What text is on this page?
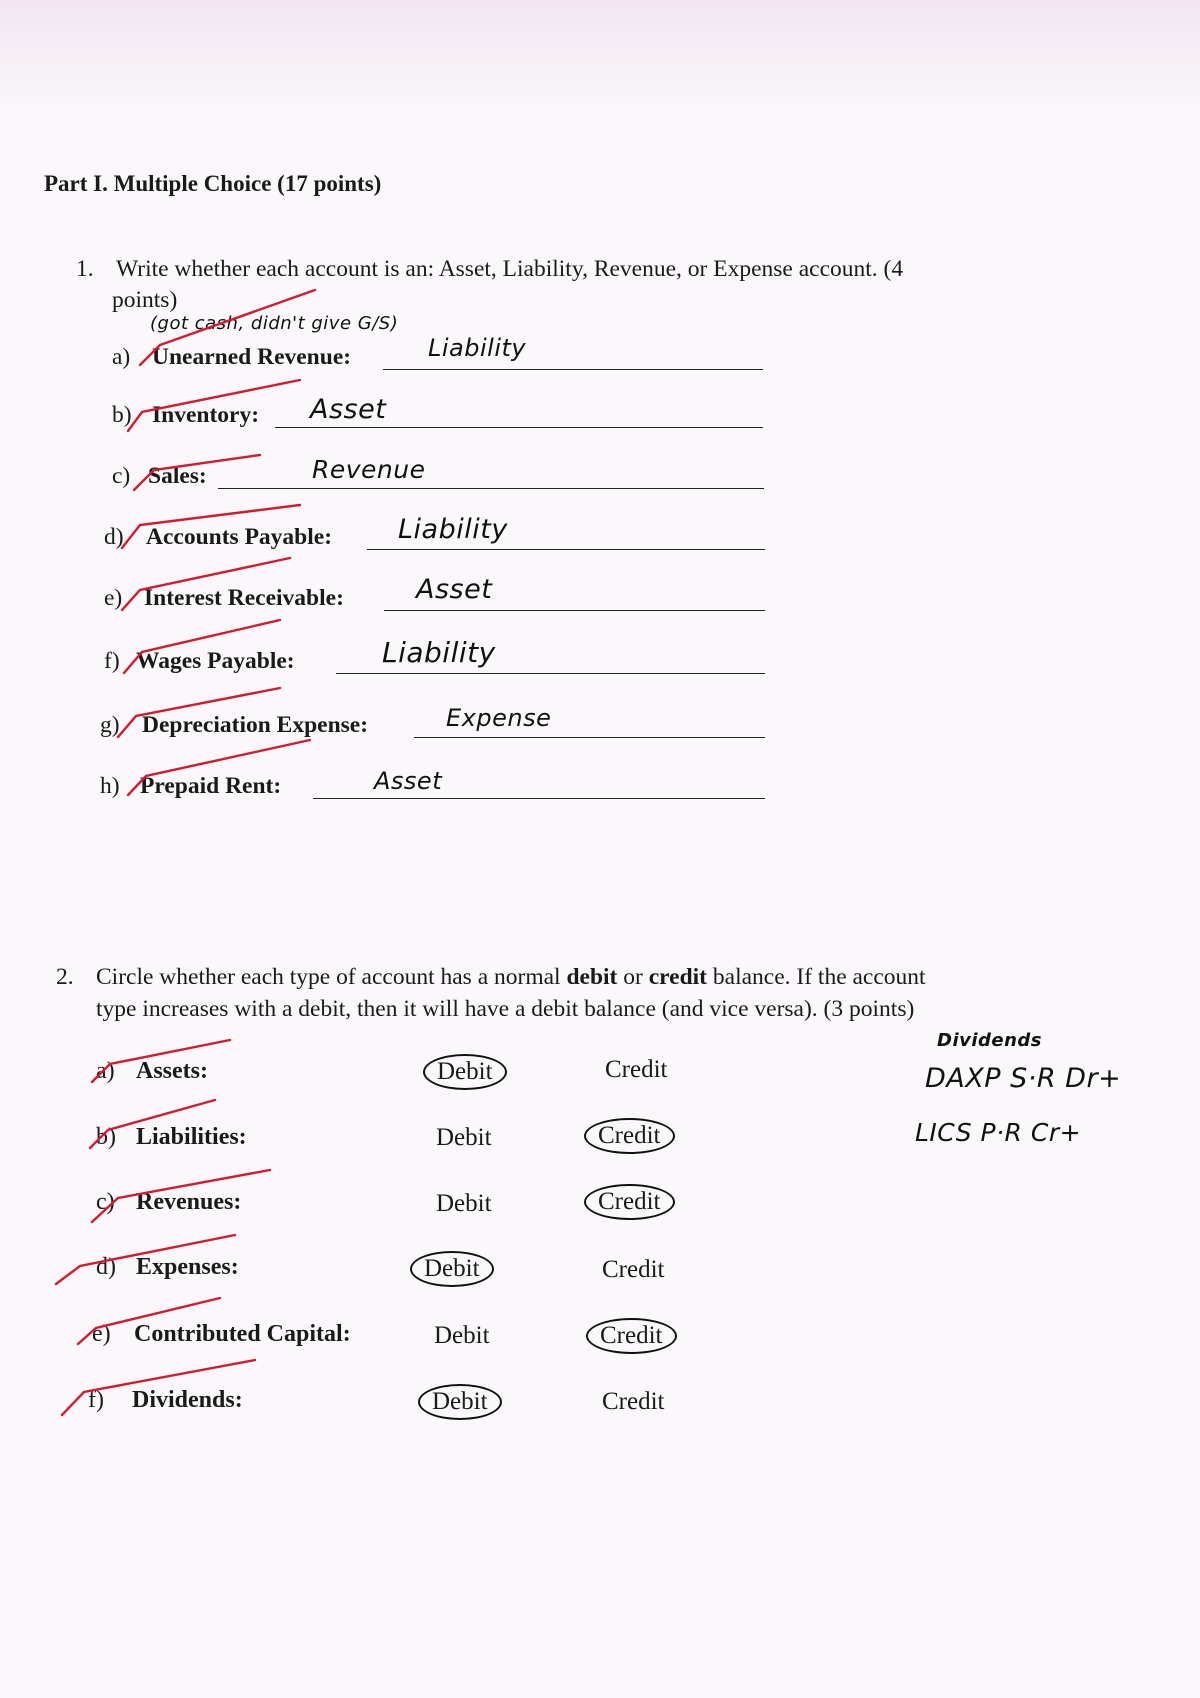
Part I. Multiple Choice (17 points)
1. Write whether each account is an: Asset, Liability, Revenue, or Expense account. (4
points)
(got cash, didn't give G/S)
a) Unearned Revenue:	Liability
b) Inventory: Asset
c) Sales:	Revenue
d) Accounts Payable: Liability
e) Interest Receivable:	Asset
f) Wages Payable:	Liability
g) Depreciation Expense:	Expense
h) Prepaid Rent:	Asset
2. Circle whether each type of account has a normal debit or credit balance. If the account
type increases with a debit, then it will have a debit balance (and vice versa). (3 points)
Dividends
DAXP S·R Dr+
LICS P·R Cr+
a) Assets:	Debit	Credit
b) Liabilities:	Debit	Credit
c) Revenues:	Debit	Credit
d) Expenses:	Debit	Credit
e) Contributed Capital:	Debit	Credit
f) Dividends:	Debit	Credit
